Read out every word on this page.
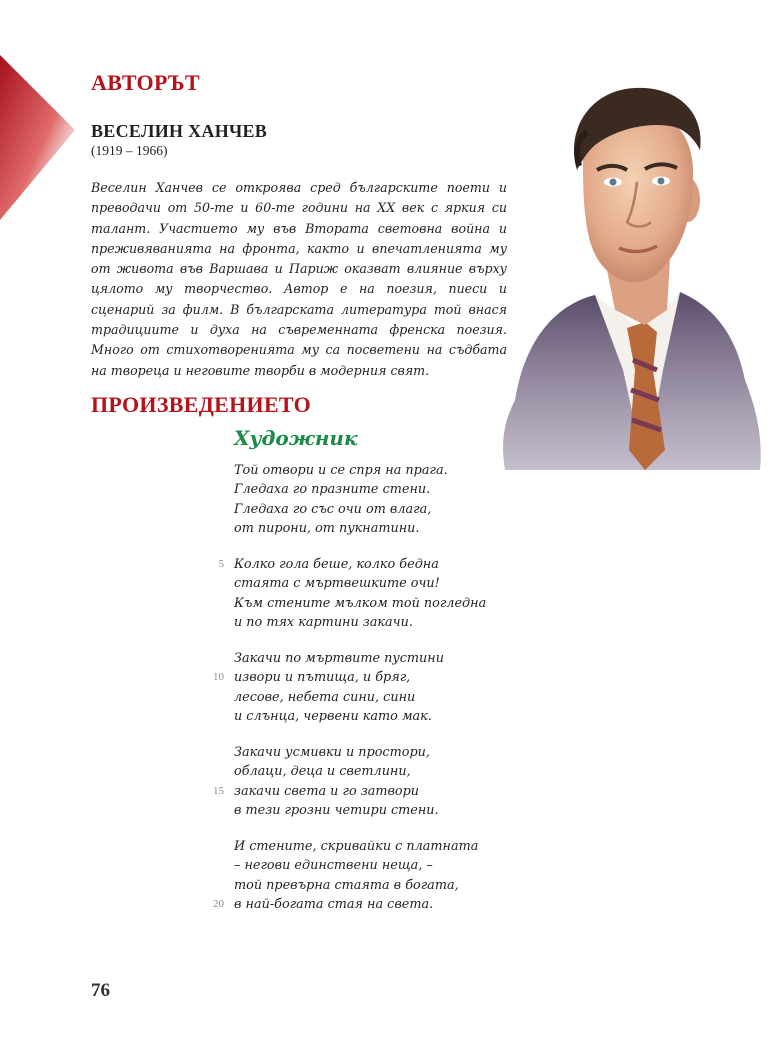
АВТОРЪТ
ВЕСЕЛИН ХАНЧЕВ
(1919 – 1966)

Веселин Ханчев се откроява сред българските поети и преводачи от 50-те и 60-те години на XX век с яркия си талант. Участието му във Втората световна война и преживяванията на фронта, както и впечатленията му от живота във Варшава и Париж оказват влияние върху цялото му творчество. Автор е на поезия, пиеси и сценарий за филм. В българската литература той внася традициите и духа на съвременната френска поезия. Много от стихотворенията му са посветени на съдбата на твореца и неговите творби в модерния свят.

ПРОИЗВЕДЕНИЕТО
Художник
Той отвори и се спря на прага.
Гледаха го празните стени.
Гледаха го със очи от влага,
от пирони, от пукнатини.
5 Колко гола беше, колко бедна
стаята с мъртвешките очи!
Към стените мълком той погледна
и по тях картини закачи.
Закачи по мъртвите пустини
10 извори и пътища, и бряг,
лесове, небета сини, сини
и слънца, червени като мак.
Закачи усмивки и простори,
облаци, деца и светлини,
15 закачи света и го затвори
в тези грозни четири стени.
И стените, скривайки с платната
– негови единствени неща, –
той превърна стаята в богата,
20 в най-богата стая на света.
76
